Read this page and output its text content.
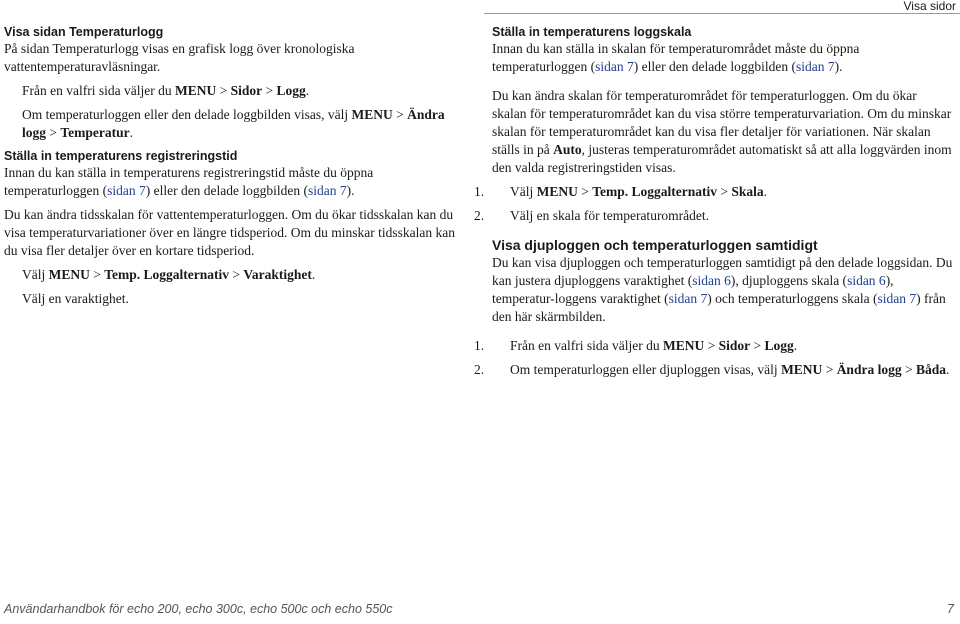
Visa sidor
Visa sidan Temperaturlogg

På sidan Temperaturlogg visas en grafisk logg över kronologiska vattentemperaturavläsningar.

Från en valfri sida väljer du MENU > Sidor > Logg.
Om temperaturloggen eller den delade loggbilden visas, välj MENU > Ändra logg > Temperatur.
Ställa in temperaturens registreringstid

Innan du kan ställa in temperaturens registreringstid måste du öppna temperaturloggen (sidan 7) eller den delade loggbilden (sidan 7).

Du kan ändra tidsskalan för vattentemperaturloggen. Om du ökar tidsskalan kan du visa temperaturvariationer över en längre tidsperiod. Om du minskar tidsskalan kan du visa fler detaljer över en kortare tidsperiod.

Välj MENU > Temp. Loggalternativ > Varaktighet.
Välj en varaktighet.
Ställa in temperaturens loggskala

Innan du kan ställa in skalan för temperaturområdet måste du öppna temperaturloggen (sidan 7) eller den delade loggbilden (sidan 7).

Du kan ändra skalan för temperaturområdet för temperaturloggen. Om du ökar skalan för temperaturområdet kan du visa större temperaturvariation. Om du minskar skalan för temperaturområdet kan du visa fler detaljer för variationen. När skalan ställs in på Auto, justeras temperaturområdet automatiskt så att alla loggvärden inom den valda registreringstiden visas.

1. Välj MENU > Temp. Loggalternativ > Skala.
2. Välj en skala för temperaturområdet.
Visa djuploggen och temperaturloggen samtidigt

Du kan visa djuploggen och temperaturloggen samtidigt på den delade loggsidan. Du kan justera djuploggens varaktighet (sidan 6), djuploggens skala (sidan 6), temperatur-loggens varaktighet (sidan 7) och temperaturloggens skala (sidan 7) från den här skärmbilden.

1. Från en valfri sida väljer du MENU > Sidor > Logg.
2. Om temperaturloggen eller djuploggen visas, välj MENU > Ändra logg > Båda.
Användarhandbok för echo 200, echo 300c, echo 500c och echo 550c	7
